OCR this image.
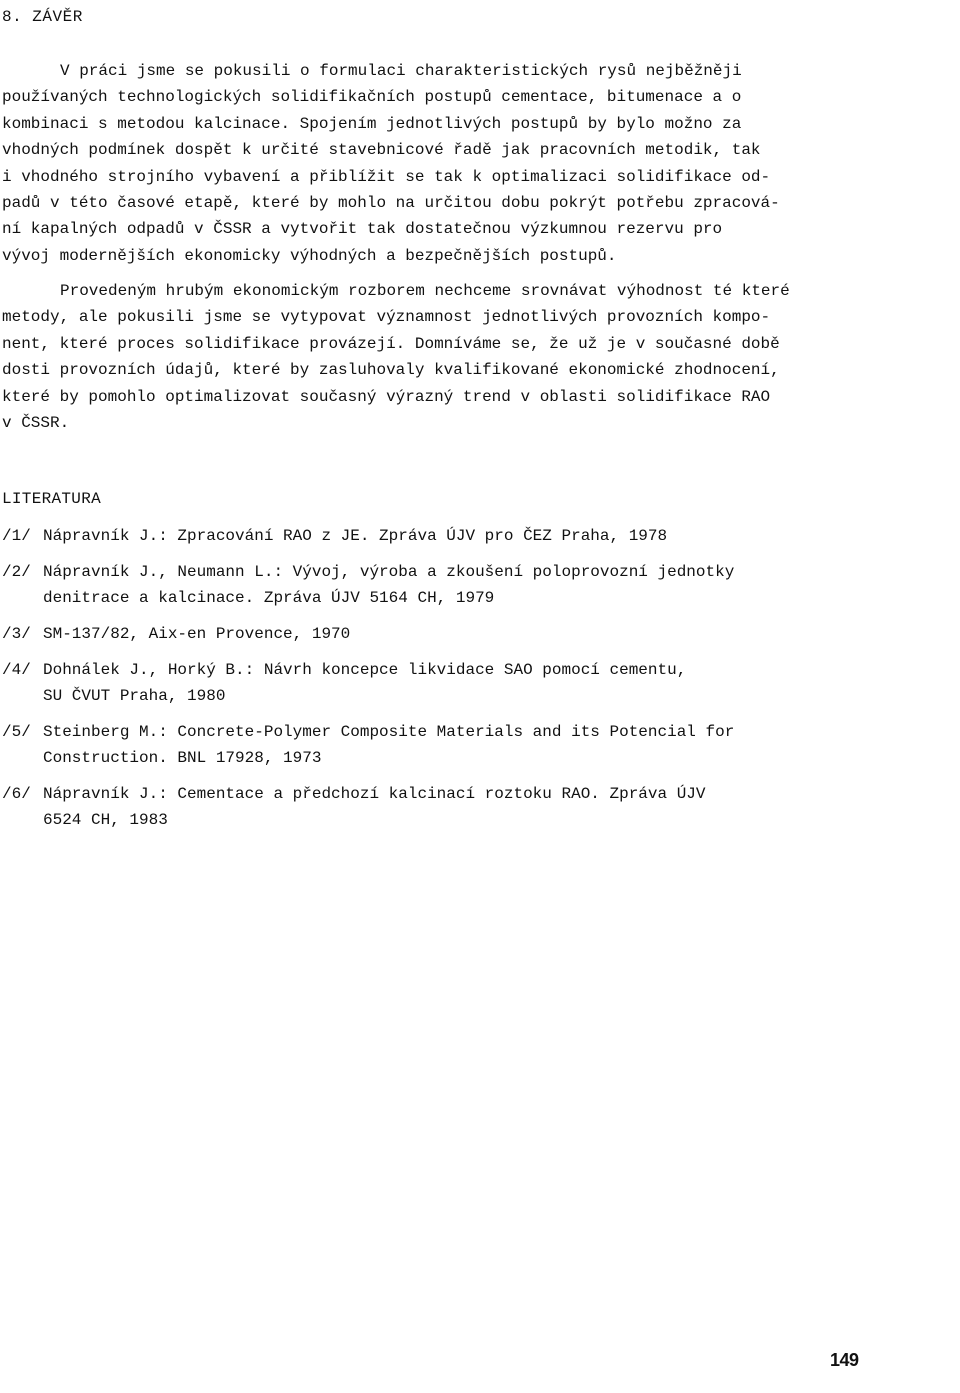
8. ZÁVĚR
V práci jsme se pokusili o formulaci charakteristických rysů nejběžněji
používaných technologických solidifikačních postupů cementace, bitumenace a o
kombinaci s metodou kalcinace. Spojením jednotlivých postupů by bylo možno za
vhodných podmínek dospět k určité stavebnicové řadě jak pracovních metodik, tak
i vhodného strojního vybavení a přiblížit se tak k optimalizaci solidifikace od-
padů v této časové etapě, které by mohlo na určitou dobu pokrýt potřebu zpracová-
ní kapalných odpadů v ČSSR a vytvořit tak dostatečnou výzkumnou rezervu pro
vývoj modernějších ekonomicky výhodných a bezpečnějších postupů.
Provedeným hrubým ekonomickým rozborem nechceme srovnávat výhodnost té které
metody, ale pokusili jsme se vytypovat významnost jednotlivých provozních kompo-
nent, které proces solidifikace provázejí. Domníváme se, že už je v současné době
dosti provozních údajů, které by zasluhovaly kvalifikované ekonomické zhodnocení,
které by pomohlo optimalizovat současný výrazný trend v oblasti solidifikace RAO
v ČSSR.
LITERATURA
/1/ Nápravník J.: Zpracování RAO z JE. Zpráva ÚJV pro ČEZ Praha, 1978
/2/ Nápravník J., Neumann L.: Vývoj, výroba a zkoušení poloprovozní jednotky
denitrace a kalcinace. Zpráva ÚJV 5164 CH, 1979
/3/ SM-137/82, Aix-en Provence, 1970
/4/ Dohnálek J., Horký B.: Návrh koncepce likvidace SAO pomocí cementu,
SU ČVUT Praha, 1980
/5/ Steinberg M.: Concrete-Polymer Composite Materials and its Potencial for
Construction. BNL 17928, 1973
/6/ Nápravník J.: Cementace a předchozí kalcinací roztoku RAO. Zpráva ÚJV
6524 CH, 1983
149
